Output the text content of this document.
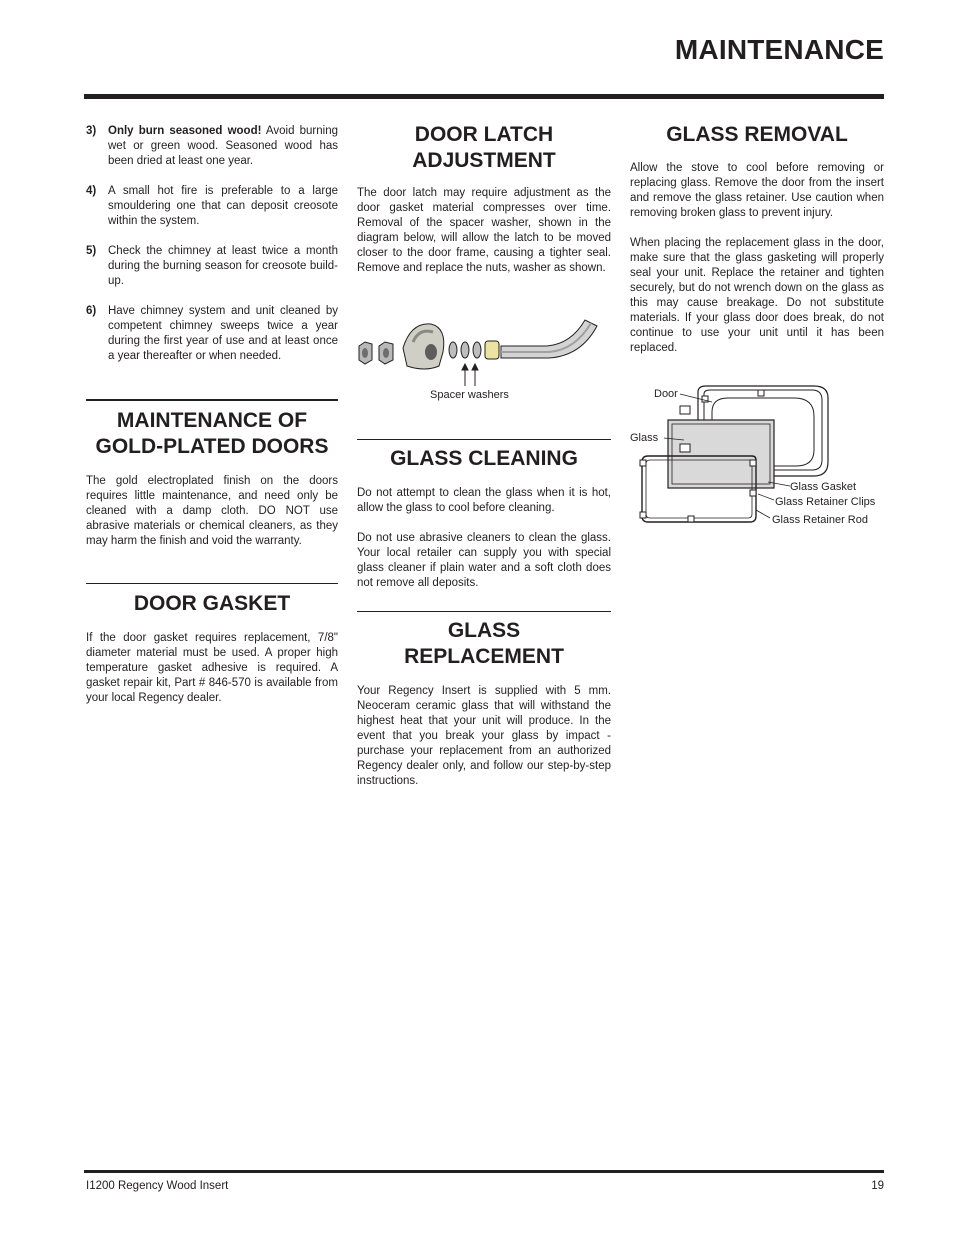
MAINTENANCE
3)	Only burn seasoned wood! Avoid burning wet or green wood. Seasoned wood has been dried at least one year.
4)	A small hot fire is preferable to a large smouldering one that can deposit creosote within the system.
5)	Check the chimney at least twice a month during the burning season for creosote build-up.
6)	Have chimney system and unit cleaned by competent chimney sweeps twice a year during the first year of use and at least once a year thereafter or when needed.
MAINTENANCE OF
GOLD-PLATED DOORS

The gold electroplated finish on the doors requires little maintenance, and need only be cleaned with a damp cloth. DO NOT use abrasive materials or chemical cleaners, as they may harm the finish and void the warranty.

DOOR GASKET

If the door gasket requires replacement, 7/8" diameter material must be used. A proper high temperature gasket adhesive is required. A gasket repair kit, Part # 846-570 is available from your local Regency dealer.

DOOR LATCH
ADJUSTMENT

The door latch may require adjustment as the door gasket material compresses over time. Removal of the spacer washer, shown in the diagram below, will allow the latch to be moved closer to the door frame, causing a tighter seal. Remove and replace the nuts, washer as shown.

Spacer washers
GLASS CLEANING

Do not attempt to clean the glass when it is hot, allow the glass to cool before cleaning.

Do not use abrasive cleaners to clean the glass. Your local retailer can supply you with special glass cleaner if plain water and a soft cloth does not remove all deposits.

GLASS
REPLACEMENT

Your Regency Insert is supplied with 5 mm. Neoceram ceramic glass that will withstand the highest heat that your unit will produce. In the event that you break your glass by impact - purchase your replacement from an authorized Regency dealer only, and follow our step-by-step instructions.

GLASS REMOVAL

Allow the stove to cool before removing or replacing glass. Remove the door from the insert and remove the glass retainer. Use caution when removing broken glass to prevent injury.

When placing the replacement glass in the door, make sure that the glass gasketing will properly seal your unit. Replace the retainer and tighten securely, but do not wrench down on the glass as this may cause breakage. Do not substitute materials. If your glass door does break, do not continue to use your unit until it has been replaced.

Door
Glass
Glass Gasket
Glass Retainer Clips
Glass Retainer Rod
I1200 Regency Wood Insert	19
